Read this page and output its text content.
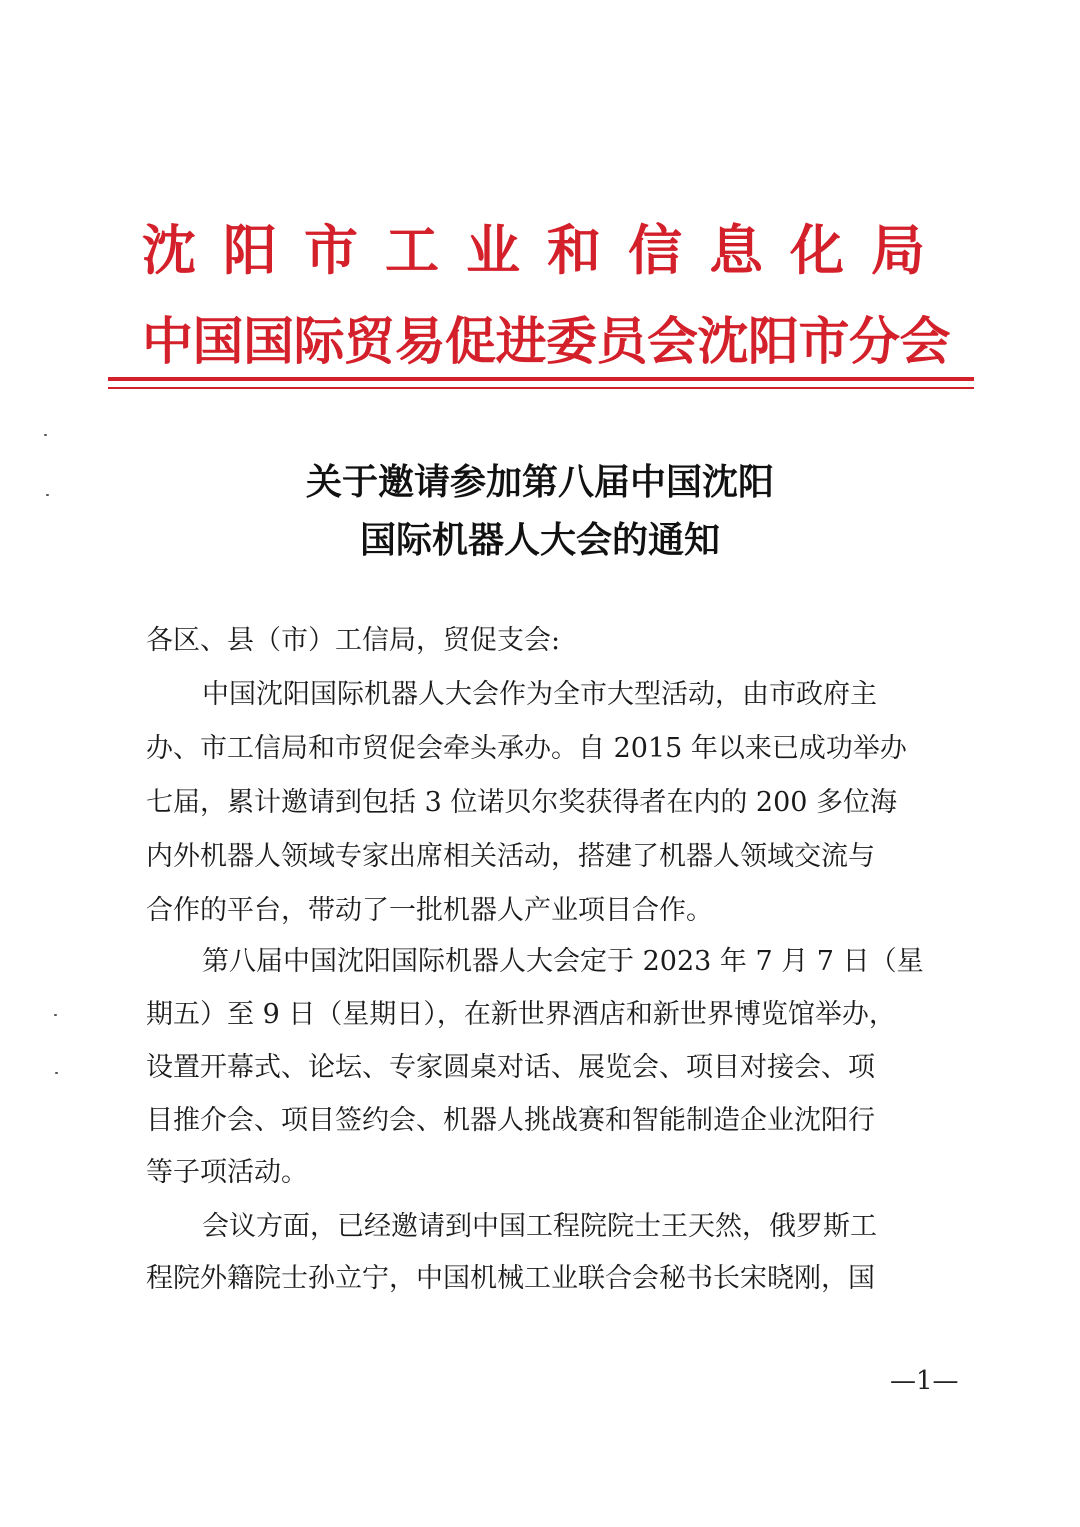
沈阳市工业和信息化局
中国国际贸易促进委员会沈阳市分会
关于邀请参加第八届中国沈阳
国际机器人大会的通知
各区、县（市）工信局，贸促支会:
中国沈阳国际机器人大会作为全市大型活动，由市政府主
办、市工信局和市贸促会牵头承办。自 2015 年以来已成功举办
七届，累计邀请到包括 3 位诺贝尔奖获得者在内的 200 多位海
内外机器人领域专家出席相关活动，搭建了机器人领域交流与
合作的平台，带动了一批机器人产业项目合作。
第八届中国沈阳国际机器人大会定于 2023 年 7 月 7 日（星
期五）至 9 日（星期日），在新世界酒店和新世界博览馆举办，
设置开幕式、论坛、专家圆桌对话、展览会、项目对接会、项
目推介会、项目签约会、机器人挑战赛和智能制造企业沈阳行
等子项活动。
会议方面，已经邀请到中国工程院院士王天然，俄罗斯工
程院外籍院士孙立宁，中国机械工业联合会秘书长宋晓刚，国
—1—
